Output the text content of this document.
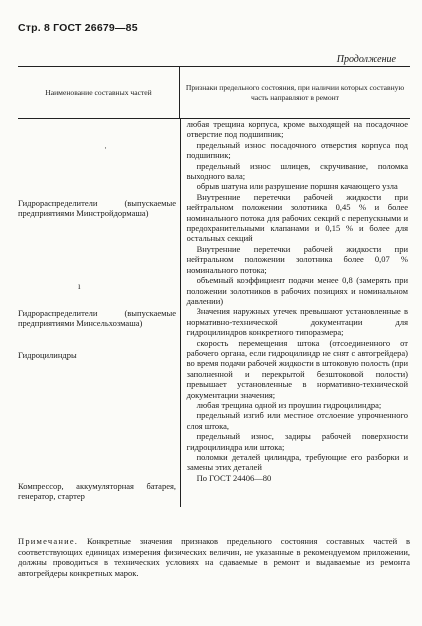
Стр. 8 ГОСТ 26679—85
Продолжение
Наименование составных частей
Признаки предельного состояния, при наличии которых составную часть направляют в ремонт
·

Гидрораспределители (выпускаемые предприятиями Минстройдормаша)

ı

Гидрораспределители (выпускаемые предприятиями Минсельхозмаша)

Гидроцилиндры

Компрессор, аккумуляторная батарея, генератор, стартер

любая трещина корпуса, кроме выходящей на посадочное отверстие под подшипник;

предельный износ посадочного отверстия корпуса под подшипник;

предельный износ шлицев, скручивание, поломка выходного вала;

обрыв шатуна или разрушение поршня качающего узла

Внутренние перетечки рабочей жидкости при нейтральном положении золотника 0,45 % и более номинального потока для рабочих секций с перепускными и предохранительными клапанами и 0,15 % и более для остальных секций

Внутренние перетечки рабочей жидкости при нейтральном положении золотника более 0,07 % номинального потока;

объемный коэффициент подачи менее 0,8 (замерять при положении золотников в рабочих позициях и номинальном давлении)

Значения наружных утечек превышают установленные в нормативно-технической документации для гидроцилиндров конкретного типоразмера;

скорость перемещения штока (отсоединенного от рабочего органа, если гидроцилиндр не снят с автогрейдера) во время подачи рабочей жидкости в штоковую полость (при заполненной и перекрытой безштоковой полости) превышает установленные в нормативно-технической документации значения;

любая трещина одной из проушин гидроцилиндра;

предельный изгиб или местное отслоение упрочненного слоя штока,

предельный износ, задиры рабочей поверхности гидроцилиндра или штока;

поломки деталей цилиндра, требующие его разборки и замены этих деталей

По ГОСТ 24406—80

Примечание. Конкретные значения признаков предельного состояния составных частей в соответствующих единицах измерения физических величин, не указанные в рекомендуемом приложении, должны проводиться в технических условиях на сдаваемые в ремонт и выдаваемые из ремонта автогрейдеры конкретных марок.
